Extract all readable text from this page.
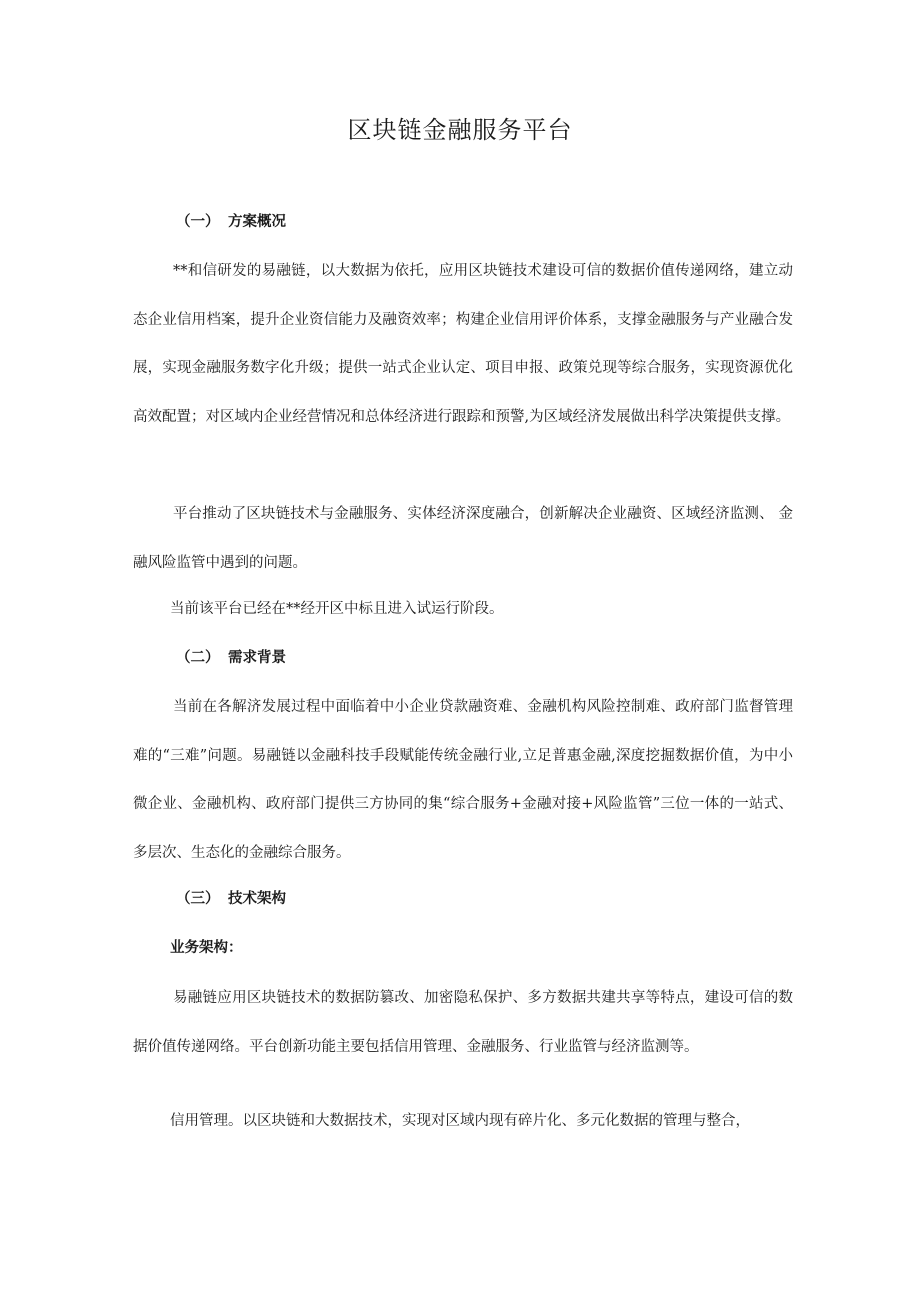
区块链金融服务平台
（一） 方案概况

**和信研发的易融链，以大数据为依托，应用区块链技术建设可信的数据价值传递网络，建立动态企业信用档案，提升企业资信能力及融资效率；构建企业信用评价体系，支撑金融服务与产业融合发展，实现金融服务数字化升级；提供一站式企业认定、项目申报、政策兑现等综合服务，实现资源优化高效配置；对区域内企业经营情况和总体经济进行跟踪和预警,为区域经济发展做出科学决策提供支撑。

平台推动了区块链技术与金融服务、实体经济深度融合，创新解决企业融资、区域经济监测、 金融风险监管中遇到的问题。

当前该平台已经在**经开区中标且进入试运行阶段。

（二） 需求背景

当前在各解济发展过程中面临着中小企业贷款融资难、金融机构风险控制难、政府部门监督管理难的“三难”问题。易融链以金融科技手段赋能传统金融行业,立足普惠金融,深度挖掘数据价值，为中小微企业、金融机构、政府部门提供三方协同的集“综合服务+金融对接+风险监管”三位一体的一站式、多层次、生态化的金融综合服务。

（三） 技术架构
业务架构：

易融链应用区块链技术的数据防篡改、加密隐私保护、多方数据共建共享等特点，建设可信的数据价值传递网络。平台创新功能主要包括信用管理、金融服务、行业监管与经济监测等。

信用管理。以区块链和大数据技术，实现对区域内现有碎片化、多元化数据的管理与整合，
